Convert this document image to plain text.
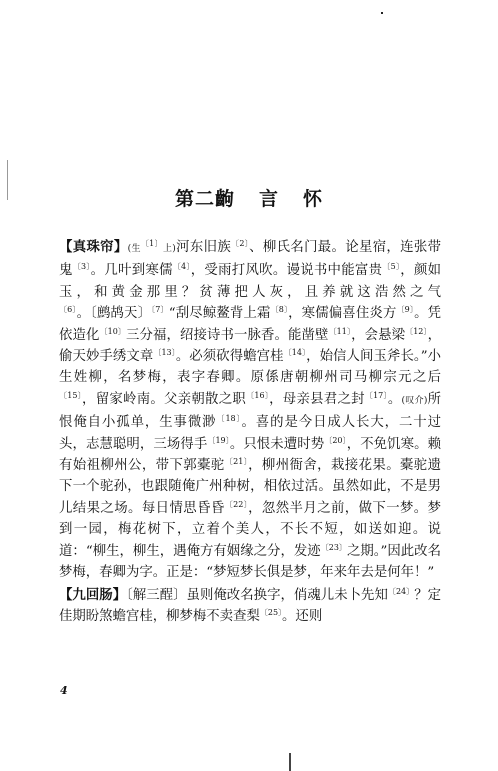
第二齣 言 怀

【真珠帘】(生$^{〔1〕}$上)河东旧族$^{〔2〕}$、柳氏名门最。论星宿，连张带鬼$^{〔3〕}$。几叶到寒儒$^{〔4〕}$，受雨打风吹。谩说书中能富贵$^{〔5〕}$，颜如玉，和黄金那里？贫薄把人灰，且养就这浩然之气$^{〔6〕}$。〔鹧鸪天〕$^{〔7〕}$“刮尽鲸鳌背上霜$^{〔8〕}$，寒儒偏喜住炎方$^{〔9〕}$。凭依造化$^{〔10〕}$三分福，绍接诗书一脉香。能凿壁$^{〔11〕}$，会悬梁$^{〔12〕}$，偷天妙手绣文章$^{〔13〕}$。必须砍得蟾宫桂$^{〔14〕}$，始信人间玉斧长。”小生姓柳，名梦梅，表字春卿。原係唐朝柳州司马柳宗元之后$^{〔15〕}$，留家岭南。父亲朝散之职$^{〔16〕}$，母亲县君之封$^{〔17〕}$。(叹介)所恨俺自小孤单，生事微渺$^{〔18〕}$。喜的是今日成人长大，二十过头，志慧聪明，三场得手$^{〔19〕}$。只恨未遭时势$^{〔20〕}$，不免饥寒。赖有始祖柳州公，带下郭橐驼$^{〔21〕}$，柳州衙舍，栽接花果。橐驼遗下一个驼孙，也跟随俺广州种树，相依过活。虽然如此，不是男儿结果之场。每日情思昏昏$^{〔22〕}$，忽然半月之前，做下一梦。梦到一园，梅花树下，立着个美人，不长不短，如送如迎。说道：“柳生，柳生，遇俺方有姻缘之分，发迹$^{〔23〕}$之期。”因此改名梦梅，春卿为字。正是：“梦短梦长俱是梦，年来年去是何年！”

【九回肠】〔解三酲〕虽则俺改名换字，俏魂儿未卜先知$^{〔24〕}$？定佳期盼煞蟾宫桂，柳梦梅不卖查梨$^{〔25〕}$。还则

4
